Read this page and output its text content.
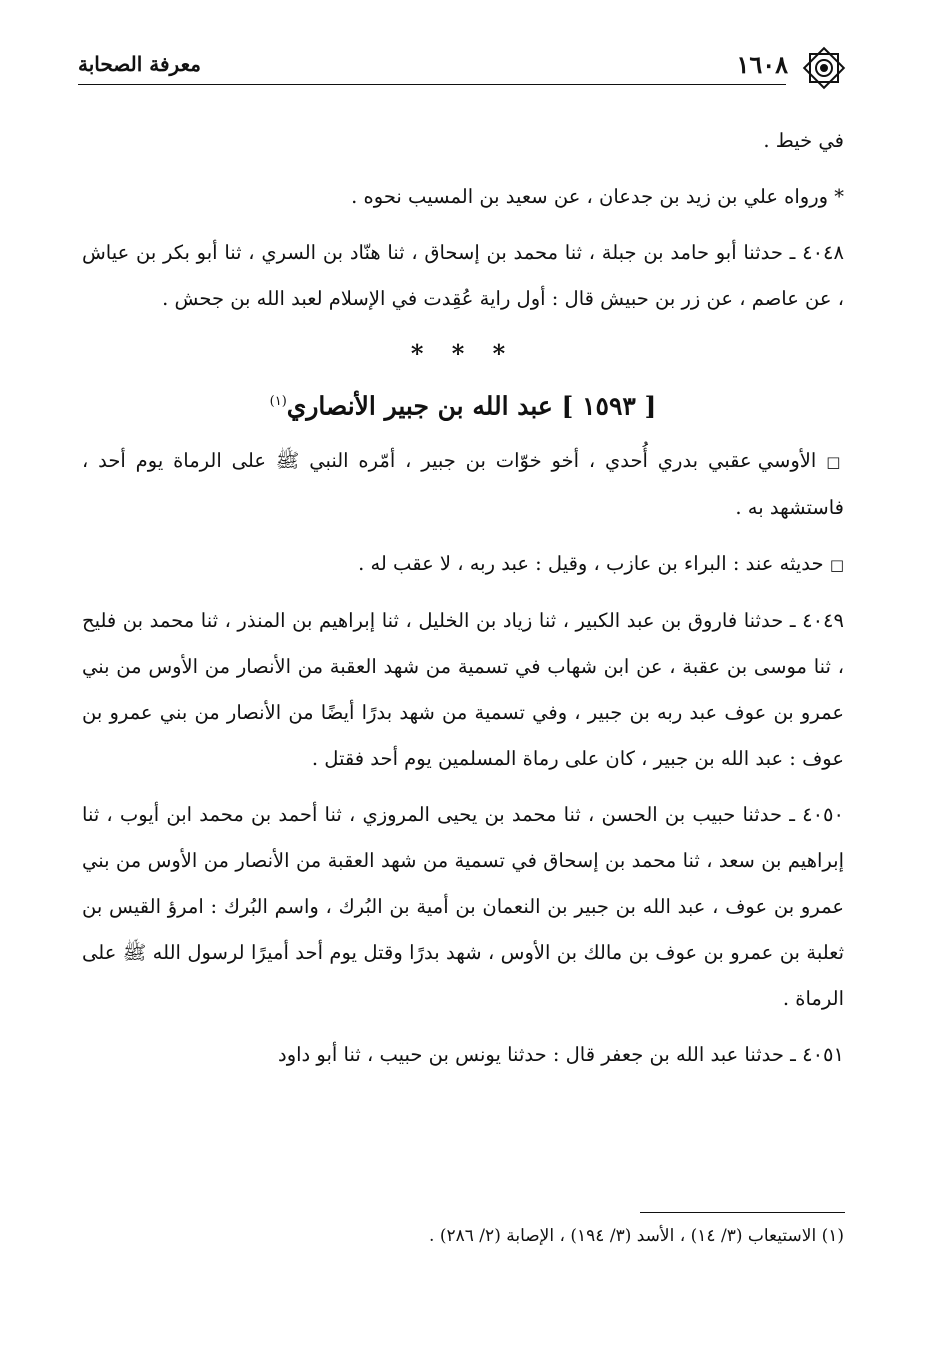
١٦٠٨
معرفة الصحابة

في خيط .

* ورواه علي بن زيد بن جدعان ، عن سعيد بن المسيب نحوه .

٤٠٤٨ ـ حدثنا أبو حامد بن جبلة ، ثنا محمد بن إسحاق ، ثنا هنّاد بن السري ، ثنا أبو بكر بن عياش ، عن عاصم ، عن زر بن حبيش قال : أول راية عُقِدت في الإسلام لعبد الله بن جحش .

* * *
[ ١٥٩٣ ] عبد الله بن جبير الأنصاري$^{(١)}$

□ الأوسي عقبي بدري أُحدي ، أخو خوّات بن جبير ، أمّره النبي ﷺ على الرماة يوم أحد ، فاستشهد به .

□ حديثه عند : البراء بن عازب ، وقيل : عبد ربه ، لا عقب له .

٤٠٤٩ ـ حدثنا فاروق بن عبد الكبير ، ثنا زياد بن الخليل ، ثنا إبراهيم بن المنذر ، ثنا محمد بن فليح ، ثنا موسى بن عقبة ، عن ابن شهاب في تسمية من شهد العقبة من الأنصار من الأوس من بني عمرو بن عوف عبد ربه بن جبير ، وفي تسمية من شهد بدرًا أيضًا من الأنصار من بني عمرو بن عوف : عبد الله بن جبير ، كان على رماة المسلمين يوم أحد فقتل .

٤٠٥٠ ـ حدثنا حبيب بن الحسن ، ثنا محمد بن يحيى المروزي ، ثنا أحمد بن محمد ابن أيوب ، ثنا إبراهيم بن سعد ، ثنا محمد بن إسحاق في تسمية من شهد العقبة من الأنصار من الأوس من بني عمرو بن عوف ، عبد الله بن جبير بن النعمان بن أمية بن البُرك ، واسم البُرك : امرؤ القيس بن ثعلبة بن عمرو بن عوف بن مالك بن الأوس ، شهد بدرًا وقتل يوم أحد أميرًا لرسول الله ﷺ على الرماة .

٤٠٥١ ـ حدثنا عبد الله بن جعفر قال : حدثنا يونس بن حبيب ، ثنا أبو داود

(١) الاستيعاب (٣/ ١٤) ، الأسد (٣/ ١٩٤) ، الإصابة (٢/ ٢٨٦) .
